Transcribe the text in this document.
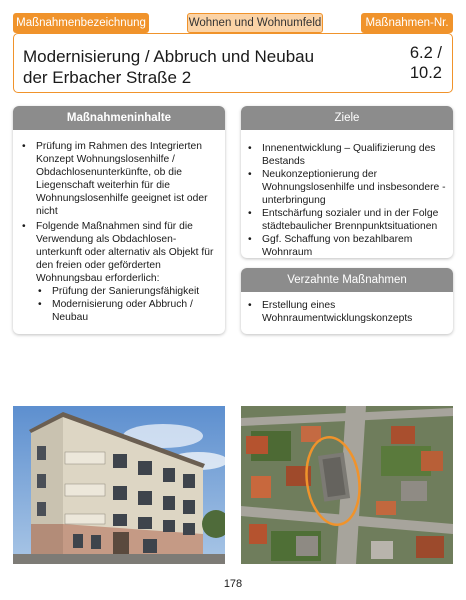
Maßnahmenbezeichnung	Wohnen und Wohnumfeld	Maßnahmen-Nr.
Modernisierung / Abbruch und Neubau
der Erbacher Straße 2
6.2 /
10.2
Maßnahmeninhalte
• Prüfung im Rahmen des Integrierten Konzept Wohnungslosenhilfe / Obdachlosenunterkünfte, ob die Liegenschaft weiterhin für die Wohnungslosenhilfe geeignet ist oder nicht
• Folgende Maßnahmen sind für die Verwendung als Obdachlosen-unterkunft oder alternativ als Objekt für den freien oder geförderten Wohnungsbau erforderlich:
• Prüfung der Sanierungsfähigkeit
• Modernisierung oder Abbruch / Neubau
Ziele
• Innenentwicklung – Qualifizierung des Bestands
• Neukonzeptionierung der Wohnungslosenhilfe und insbesondere -unterbringung
• Entschärfung sozialer und in der Folge städtebaulicher Brennpunktsituationen
• Ggf. Schaffung von bezahlbarem Wohnraum
Verzahnte Maßnahmen
• Erstellung eines Wohnraumentwicklungskonzepts
178
